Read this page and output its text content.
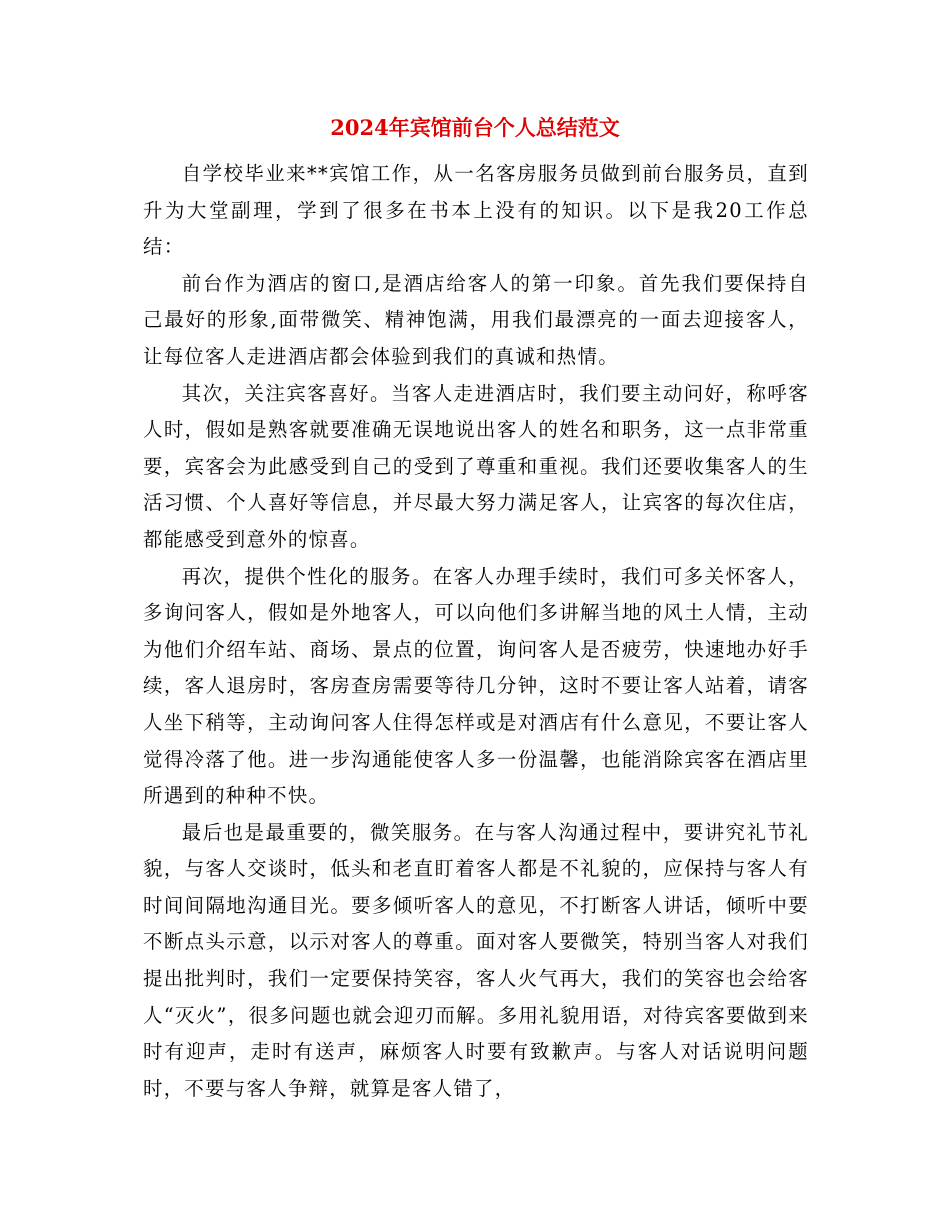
2024年宾馆前台个人总结范文

自学校毕业来**宾馆工作，从一名客房服务员做到前台服务员，直到升为大堂副理，学到了很多在书本上没有的知识。以下是我20工作总结：

前台作为酒店的窗口,是酒店给客人的第一印象。首先我们要保持自己最好的形象,面带微笑、精神饱满，用我们最漂亮的一面去迎接客人，让每位客人走进酒店都会体验到我们的真诚和热情。

其次，关注宾客喜好。当客人走进酒店时，我们要主动问好，称呼客人时，假如是熟客就要准确无误地说出客人的姓名和职务，这一点非常重要，宾客会为此感受到自己的受到了尊重和重视。我们还要收集客人的生活习惯、个人喜好等信息，并尽最大努力满足客人，让宾客的每次住店，都能感受到意外的惊喜。

再次，提供个性化的服务。在客人办理手续时，我们可多关怀客人，多询问客人，假如是外地客人，可以向他们多讲解当地的风土人情，主动为他们介绍车站、商场、景点的位置，询问客人是否疲劳，快速地办好手续，客人退房时，客房查房需要等待几分钟，这时不要让客人站着，请客人坐下稍等，主动询问客人住得怎样或是对酒店有什么意见，不要让客人觉得冷落了他。进一步沟通能使客人多一份温馨，也能消除宾客在酒店里所遇到的种种不快。

最后也是最重要的，微笑服务。在与客人沟通过程中，要讲究礼节礼貌，与客人交谈时，低头和老直盯着客人都是不礼貌的，应保持与客人有时间间隔地沟通目光。要多倾听客人的意见，不打断客人讲话，倾听中要不断点头示意，以示对客人的尊重。面对客人要微笑，特别当客人对我们提出批判时，我们一定要保持笑容，客人火气再大，我们的笑容也会给客人“灭火”，很多问题也就会迎刃而解。多用礼貌用语，对待宾客要做到来时有迎声，走时有送声，麻烦客人时要有致歉声。与客人对话说明问题时，不要与客人争辩，就算是客人错了，
